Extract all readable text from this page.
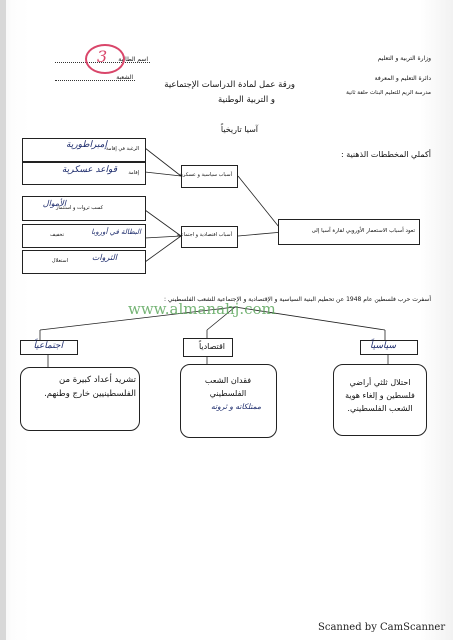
وزارة التربية و التعليم
دائرة التعليم و المعرفة
مدرسة الريم للتعليم البنات حلقة ثانية
اسم الطالبة
الشعبة
3
ورقة عمل لمادة الدراسات الإجتماعية
و التربية الوطنية
آسيا تاريخياً
أكملي المخططات الذهنية :
تعود أسباب الاستعمار الأوروبي لقارة آسيا إلى
أسباب سياسية و عسكرية
أسباب اقتصادية و اجتماعية
الرغبة في إقامة
إمبراطورية
إقامة
قواعد عسكرية
كسب ثروات و استثمار
الأموال
تخفيف	البطالة في أوروبا
استغلال	الثروات
أسفرت حرب فلسطين عام 1948 عن تحطيم البنية السياسية و الإقتصادية و الإجتماعية للشعب الفلسطيني :
سياسياً
اقتصادياً
اجتماعياً
احتلال ثلثي أراضي فلسطين و إلغاء هوية الشعب الفلسطيني.
فقدان الشعب الفلسطيني
ممتلكاته و ثروته
تشريد أعداد كبيرة من الفلسطينيين خارج وطنهم.
www.almanahj.com
Scanned by CamScanner
